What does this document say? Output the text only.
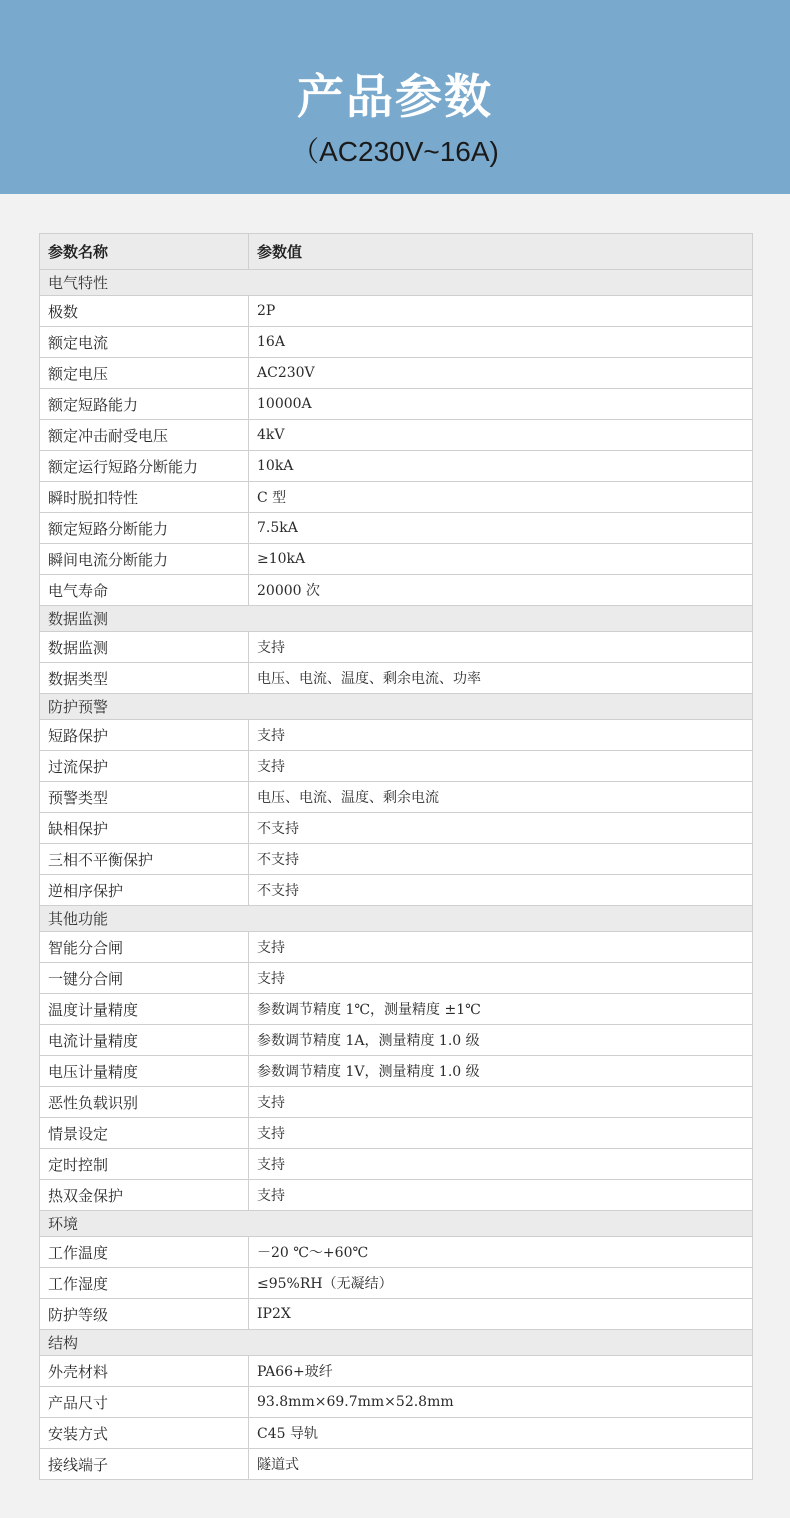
产品参数
（AC230V~16A)
参数名称	参数值
电气特性	
极数	2P
额定电流	16A
额定电压	AC230V
额定短路能力	10000A
额定冲击耐受电压	4kV
额定运行短路分断能力	10kA
瞬时脱扣特性	C 型
额定短路分断能力	7.5kA
瞬间电流分断能力	≥10kA
电气寿命	20000 次
数据监测	
数据监测	支持
数据类型	电压、电流、温度、剩余电流、功率
防护预警	
短路保护	支持
过流保护	支持
预警类型	电压、电流、温度、剩余电流
缺相保护	不支持
三相不平衡保护	不支持
逆相序保护	不支持
其他功能	
智能分合闸	支持
一键分合闸	支持
温度计量精度	参数调节精度 1℃，测量精度 ±1℃
电流计量精度	参数调节精度 1A，测量精度 1.0 级
电压计量精度	参数调节精度 1V，测量精度 1.0 级
恶性负载识别	支持
情景设定	支持
定时控制	支持
热双金保护	支持
环境	
工作温度	－20 ℃～+60℃
工作湿度	≤95%RH（无凝结）
防护等级	IP2X
结构	
外壳材料	PA66+玻纤
产品尺寸	93.8mm×69.7mm×52.8mm
安装方式	C45 导轨
接线端子	隧道式
